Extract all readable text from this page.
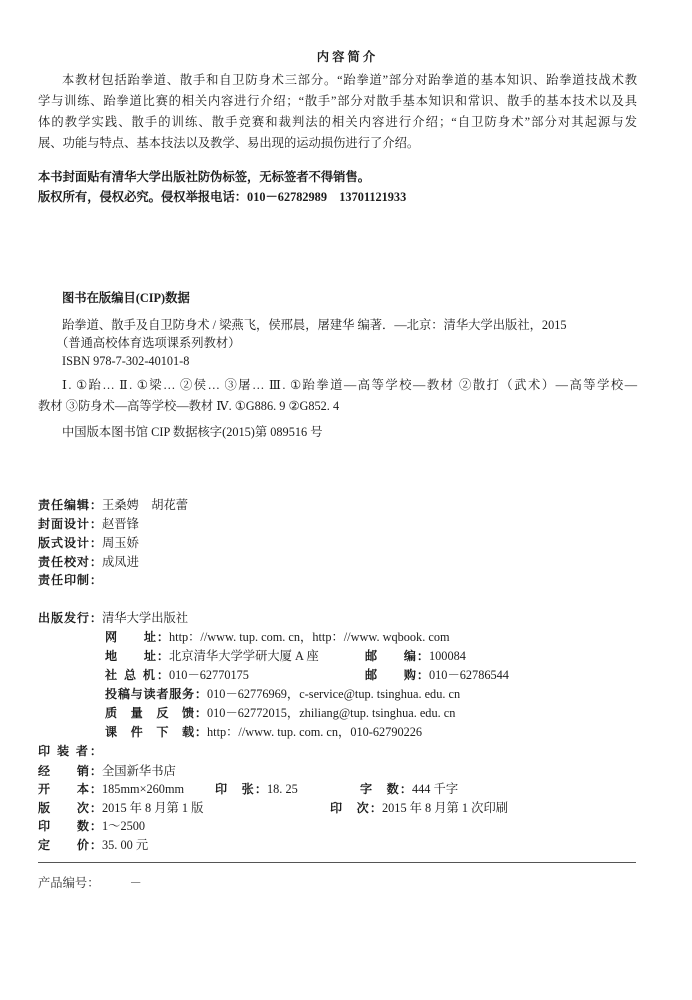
内 容 简 介
本教材包括跆拳道、散手和自卫防身术三部分。“跆拳道”部分对跆拳道的基本知识、跆拳道技战术教
学与训练、跆拳道比赛的相关内容进行介绍；“散手”部分对散手基本知识和常识、散手的基本技术以及具
体的教学实践、散手的训练、散手竞赛和裁判法的相关内容进行介绍；“自卫防身术”部分对其起源与发
展、功能与特点、基本技法以及教学、易出现的运动损伤进行了介绍。
本书封面贴有清华大学出版社防伪标签，无标签者不得销售。
版权所有，侵权必究。侵权举报电话：010－62782989　13701121933
图书在版编目(CIP)数据
跆拳道、散手及自卫防身术 / 梁燕飞，侯邢晨，屠建华 编著．—北京：清华大学出版社，2015
（普通高校体育选项课系列教材）
ISBN 978-7-302-40101-8
Ⅰ. ①跆… Ⅱ. ①梁… ②侯… ③屠… Ⅲ. ①跆拳道—高等学校—教材 ②散打（武术）—高等学校—
教材 ③防身术—高等学校—教材 Ⅳ. ①G886. 9 ②G852. 4
中国版本图书馆 CIP 数据核字(2015)第 089516 号
责任编辑：王桑娉　胡花蕾
封面设计：赵晋锋
版式设计：周玉娇
责任校对：成凤进
责任印制：
出版发行：清华大学出版社
网　　址：http：//www. tup. com. cn，http：//www. wqbook. com
地　　址：北京清华大学学研大厦 A 座	邮　　编：100084
社 总 机：010－62770175	邮　　购：010－62786544
投稿与读者服务：010－62776969，c-service@tup. tsinghua. edu. cn
质　量　反　馈：010－62772015，zhiliang@tup. tsinghua. edu. cn
课　件　下　载：http：//www. tup. com. cn，010-62790226
印 装 者：
经　　销：全国新华书店
开　　本：185mm×260mm	印　张：18. 25	字　数：444 千字
版　　次：2015 年 8 月第 1 版	印　次：2015 年 8 月第 1 次印刷
印　　数：1～2500
定　　价：35. 00 元
产品编号： －
